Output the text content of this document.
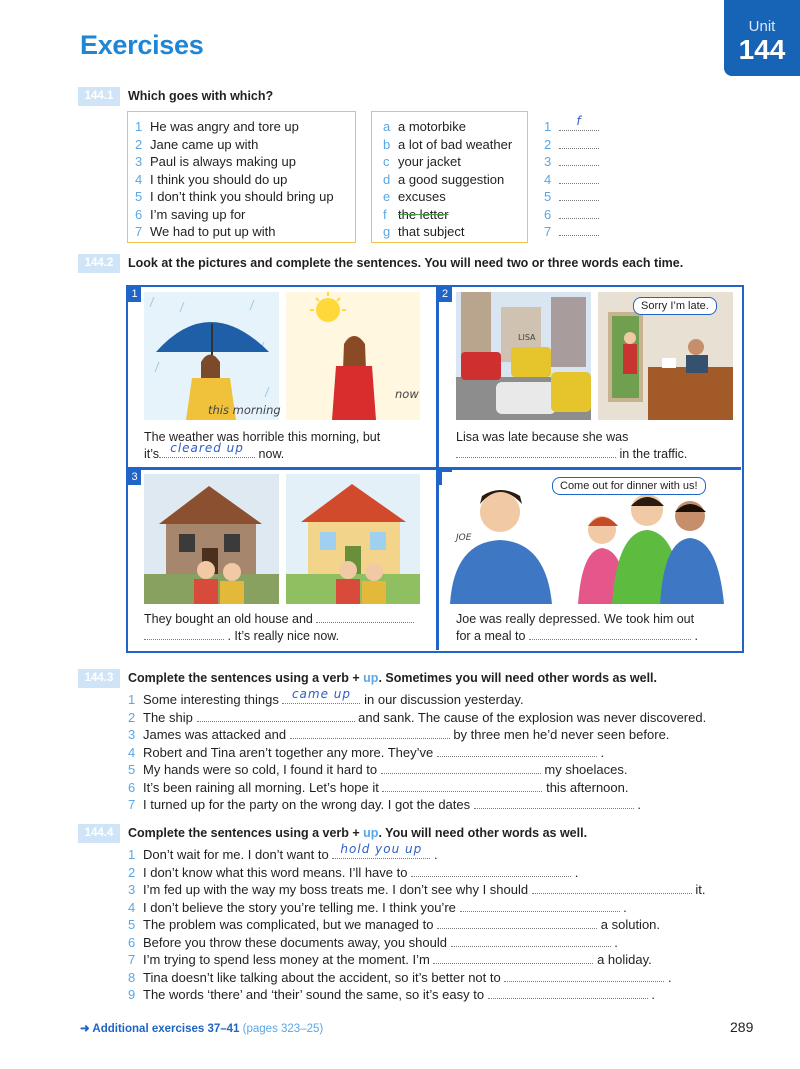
Exercises
Unit
144
144.1	Which goes with which?
1 He was angry and tore up
2 Jane came up with
3 Paul is always making up
4 I think you should do up
5 I don’t think you should bring up
6 I’m saving up for
7 We had to put up with
a a motorbike
b a lot of bad weather
c your jacket
d a good suggestion
e excuses
f the letter
g that subject
1	f
2
3
4
5
6
7
144.2	Look at the pictures and complete the sentences. You will need two or three words each time.
1
this morning
now
The weather was horrible this morning, but
it’s cleared up	now.
2
LISA
Sorry I’m late.
Lisa was late because she was
in the traffic.
3
They bought an old house and
. It’s really nice now.
JOE
Come out for dinner with us!
Joe was really depressed. We took him out
for a meal to	.
144.3	Complete the sentences using a verb + up. Sometimes you will need other words as well.
1 Some interesting things	came up	in our discussion yesterday.
2 The ship	and sank. The cause of the explosion was never discovered.
3 James was attacked and	by three men he’d never seen before.
4 Robert and Tina aren’t together any more. They’ve	.
5 My hands were so cold, I found it hard to	my shoelaces.
6 It’s been raining all morning. Let’s hope it	this afternoon.
7 I turned up for the party on the wrong day. I got the dates	.
144.4	Complete the sentences using a verb + up. You will need other words as well.
1 Don’t wait for me. I don’t want to hold you up .
2 I don’t know what this word means. I’ll have to	.
3 I’m fed up with the way my boss treats me. I don’t see why I should	it.
4 I don’t believe the story you’re telling me. I think you’re	.
5 The problem was complicated, but we managed to	a solution.
6 Before you throw these documents away, you should	.
7 I’m trying to spend less money at the moment. I’m	a holiday.
8 Tina doesn’t like talking about the accident, so it’s better not to	.
9 The words ‘there’ and ‘their’ sound the same, so it’s easy to	.
➜ Additional exercises 37–41 (pages 323–25)	289
